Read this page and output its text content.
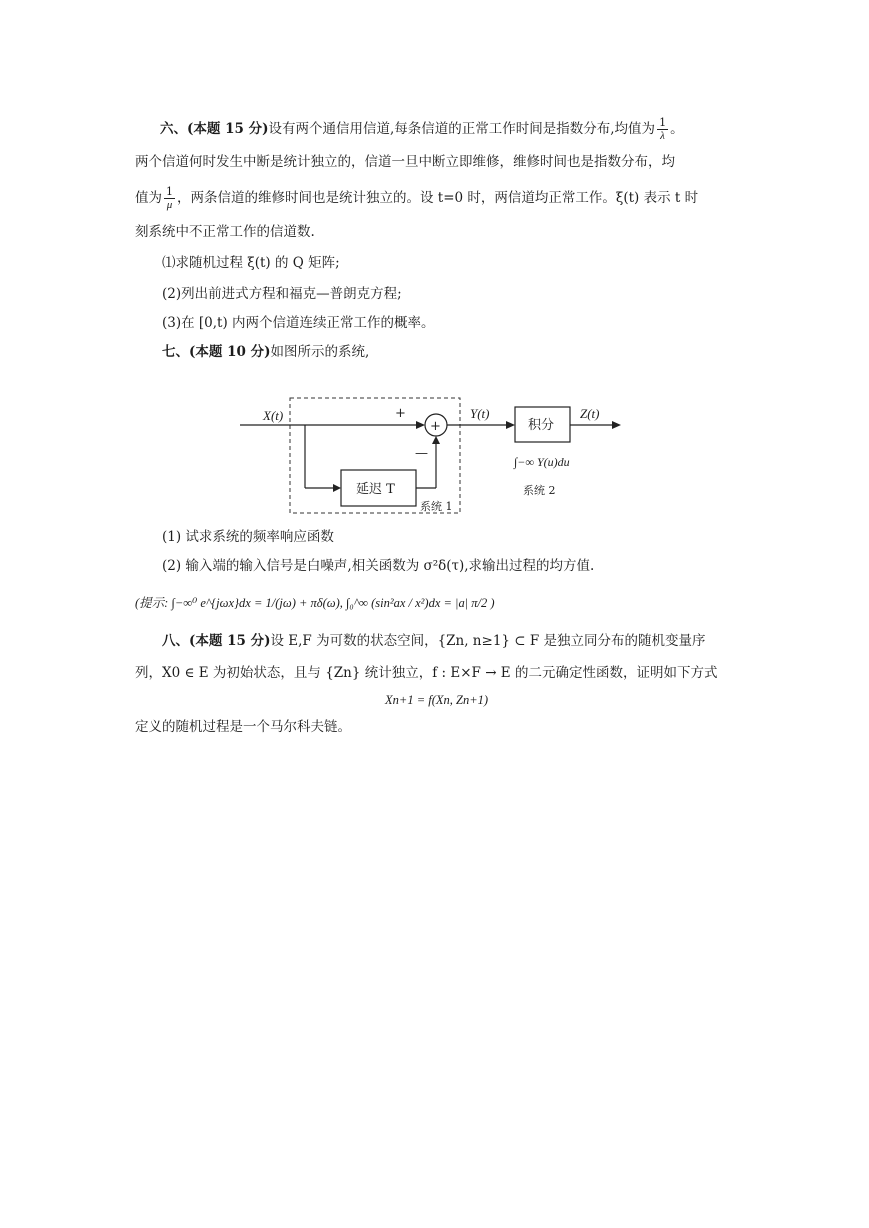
六、(本题 15 分)设有两个通信用信道,每条信道的正常工作时间是指数分布,均值为 $\frac{1}{\lambda}$ 。
两个信道何时发生中断是统计独立的，信道一旦中断立即维修，维修时间也是指数分布，均
值为 $\frac{1}{\mu}$ ，两条信道的维修时间也是统计独立的。设 t=0 时，两信道均正常工作。ξ(t) 表示 t 时
刻系统中不正常工作的信道数.
⑴求随机过程 ξ(t) 的 Q 矩阵;
(2)列出前进式方程和福克—普朗克方程;
(3)在 [0,t) 内两个信道连续正常工作的概率。
七、(本题 10 分)如图所示的系统,
X(t)	+
+
延迟 T
—
系统 1
Y(t)
积分
Z(t)
∫−∞ Y(u)du
系统 2
(1) 试求系统的频率响应函数
(2) 输入端的输入信号是白噪声,相关函数为 σ²δ(τ),求输出过程的均方值.
(提示: ∫−∞⁰ e^{jωx}dx = 1/(jω) + πδ(ω), ∫₀^∞ (sin²ax / x²)dx = |a| π/2 )
八、(本题 15 分)设 E,F 为可数的状态空间，{Zn, n≥1} ⊂ F 是独立同分布的随机变量序
列，X0 ∈ E 为初始状态，且与 {Zn} 统计独立，f : E×F → E 的二元确定性函数，证明如下方式
Xn+1 = f(Xn, Zn+1)
定义的随机过程是一个马尔科夫链。
